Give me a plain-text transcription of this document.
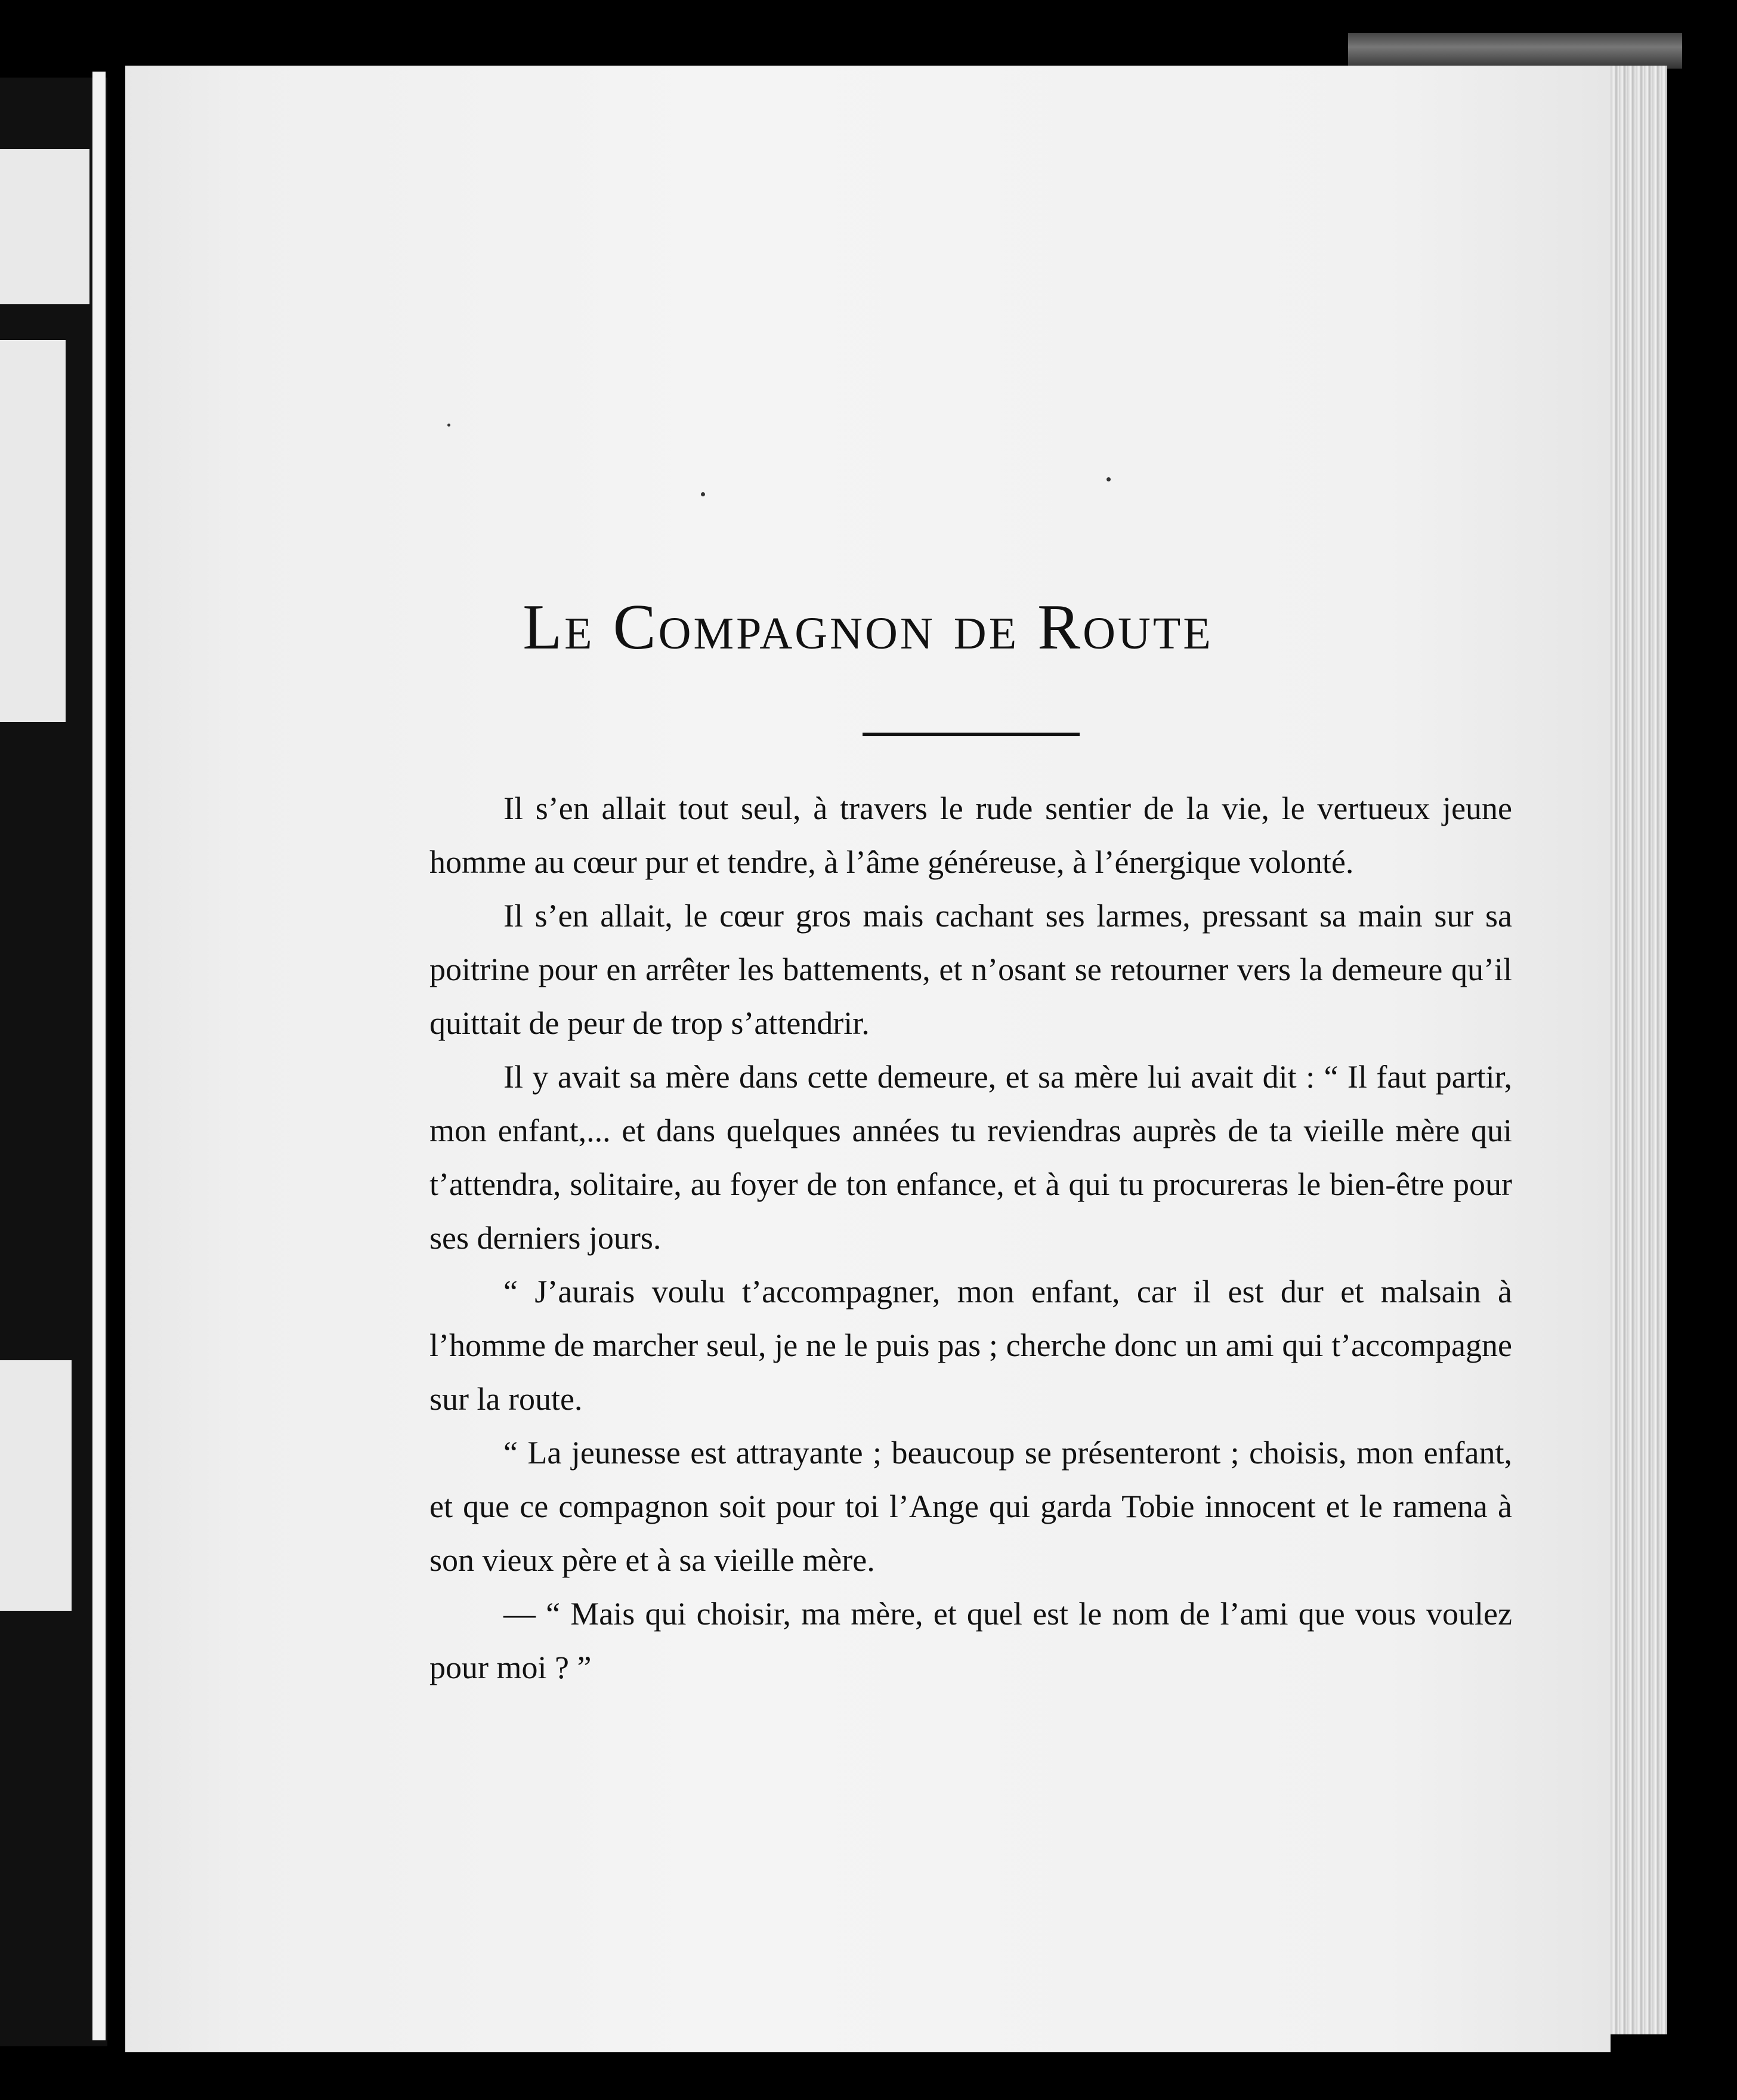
Le Compagnon de Route

Il s’en allait tout seul, à travers le rude sentier de la vie, le vertueux jeune homme au cœur pur et tendre, à l’âme généreuse, à l’énergique volonté.

Il s’en allait, le cœur gros mais cachant ses larmes, pressant sa main sur sa poitrine pour en arrêter les battements, et n’osant se retourner vers la demeure qu’il quittait de peur de trop s’attendrir.

Il y avait sa mère dans cette demeure, et sa mère lui avait dit : “ Il faut partir, mon enfant,... et dans quelques années tu reviendras auprès de ta vieille mère qui t’attendra, solitaire, au foyer de ton enfance, et à qui tu procureras le bien-être pour ses derniers jours.

“ J’aurais voulu t’accompagner, mon enfant, car il est dur et malsain à l’homme de marcher seul, je ne le puis pas ; cherche donc un ami qui t’accompagne sur la route.

“ La jeunesse est attrayante ; beaucoup se présenteront ; choisis, mon enfant, et que ce compagnon soit pour toi l’Ange qui garda Tobie innocent et le ramena à son vieux père et à sa vieille mère.

— “ Mais qui choisir, ma mère, et quel est le nom de l’ami que vous voulez pour moi ? ”
